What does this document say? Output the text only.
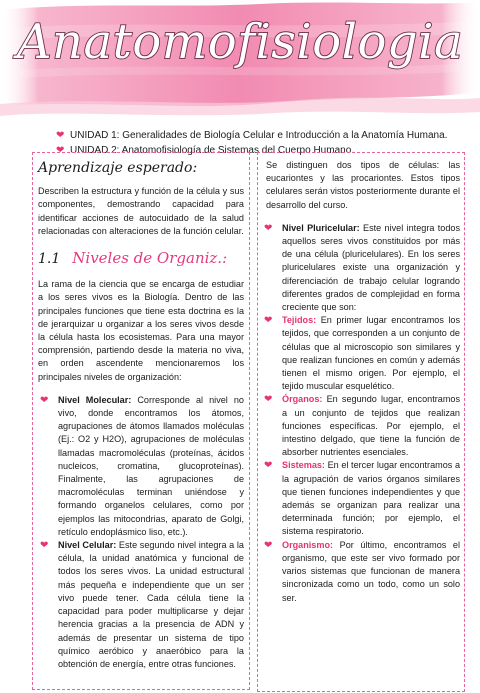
Anatomofisiologia
❤ UNIDAD 1: Generalidades de Biología Celular e Introducción a la Anatomía Humana.
❤ UNIDAD 2: Anatomofisiología de Sistemas del Cuerpo Humano.
Aprendizaje esperado:

Describen la estructura y función de la célula y sus componentes, demostrando capacidad para identificar acciones de autocuidado de la salud relacionadas con alteraciones de la función celular.

1.1 Niveles de Organiz.:

La rama de la ciencia que se encarga de estudiar a los seres vivos es la Biología. Dentro de las principales funciones que tiene esta doctrina es la de jerarquizar u organizar a los seres vivos desde la célula hasta los ecosistemas. Para una mayor comprensión, partiendo desde la materia no viva, en orden ascendente mencionaremos los principales niveles de organización:

❤	Nivel Molecular: Corresponde al nivel no vivo, donde encontramos los átomos, agrupaciones de átomos llamados moléculas (Ej.: O2 y H2O), agrupaciones de moléculas llamadas macromoléculas (proteínas, ácidos nucleicos, cromatina, glucoproteínas). Finalmente, las agrupaciones de macromoléculas terminan uniéndose y formando organelos celulares, como por ejemplos las mitocondrias, aparato de Golgi, retículo endoplásmico liso, etc.).
❤	Nivel Celular: Este segundo nivel integra a la célula, la unidad anatómica y funcional de todos los seres vivos. La unidad estructural más pequeña e independiente que un ser vivo puede tener. Cada célula tiene la capacidad para poder multiplicarse y dejar herencia gracias a la presencia de ADN y además de presentar un sistema de tipo químico aeróbico y anaeróbico para la obtención de energía, entre otras funciones.

Se distinguen dos tipos de células: las eucariontes y las procariontes. Estos tipos celulares serán vistos posteriormente durante el desarrollo del curso.

❤	Nivel Pluricelular: Este nivel integra todos aquellos seres vivos constituidos por más de una célula (pluricelulares). En los seres pluricelulares existe una organización y diferenciación de trabajo celular logrando diferentes grados de complejidad en forma creciente que son:
❤	Tejidos: En primer lugar encontramos los tejidos, que corresponden a un conjunto de células que al microscopio son similares y que realizan funciones en común y además tienen el mismo origen. Por ejemplo, el tejido muscular esquelético.
❤	Órganos: En segundo lugar, encontramos a un conjunto de tejidos que realizan funciones específicas. Por ejemplo, el intestino delgado, que tiene la función de absorber nutrientes esenciales.
❤	Sistemas: En el tercer lugar encontramos a la agrupación de varios órganos similares que tienen funciones independientes y que además se organizan para realizar una determinada función; por ejemplo, el sistema respiratorio.
❤	Organismo: Por último, encontramos el organismo, que este ser vivo formado por varios sistemas que funcionan de manera sincronizada como un todo, como un solo ser.
